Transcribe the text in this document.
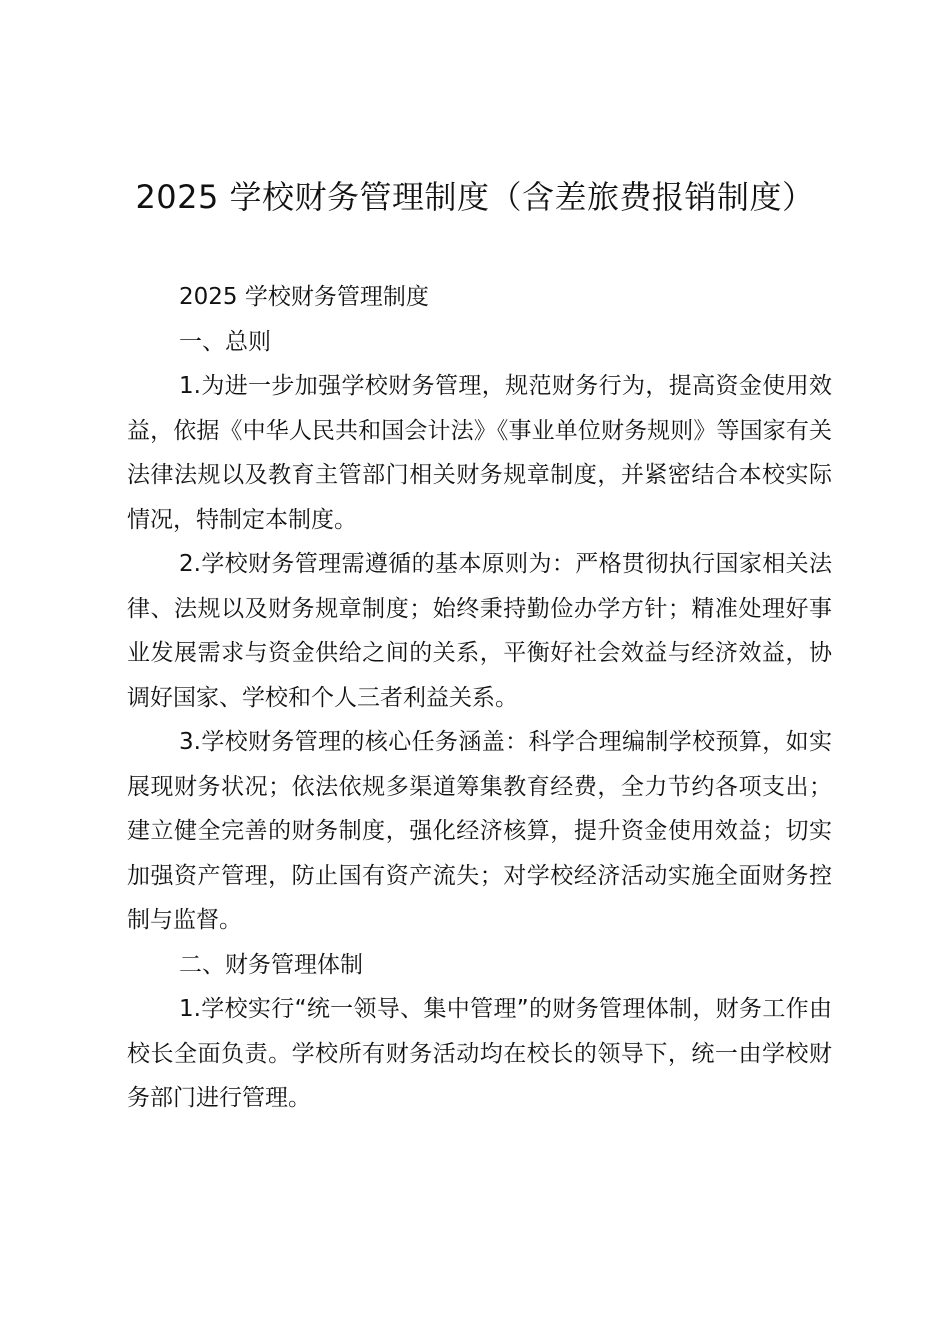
2025 学校财务管理制度（含差旅费报销制度）

2025 学校财务管理制度

一、总则

1.为进一步加强学校财务管理，规范财务行为，提高资金使用效益，依据《中华人民共和国会计法》《事业单位财务规则》等国家有关法律法规以及教育主管部门相关财务规章制度，并紧密结合本校实际情况，特制定本制度。

2.学校财务管理需遵循的基本原则为：严格贯彻执行国家相关法律、法规以及财务规章制度；始终秉持勤俭办学方针；精准处理好事业发展需求与资金供给之间的关系，平衡好社会效益与经济效益，协调好国家、学校和个人三者利益关系。

3.学校财务管理的核心任务涵盖：科学合理编制学校预算，如实展现财务状况；依法依规多渠道筹集教育经费，全力节约各项支出；建立健全完善的财务制度，强化经济核算，提升资金使用效益；切实加强资产管理，防止国有资产流失；对学校经济活动实施全面财务控制与监督。

二、财务管理体制

1.学校实行“统一领导、集中管理”的财务管理体制，财务工作由校长全面负责。学校所有财务活动均在校长的领导下，统一由学校财务部门进行管理。
